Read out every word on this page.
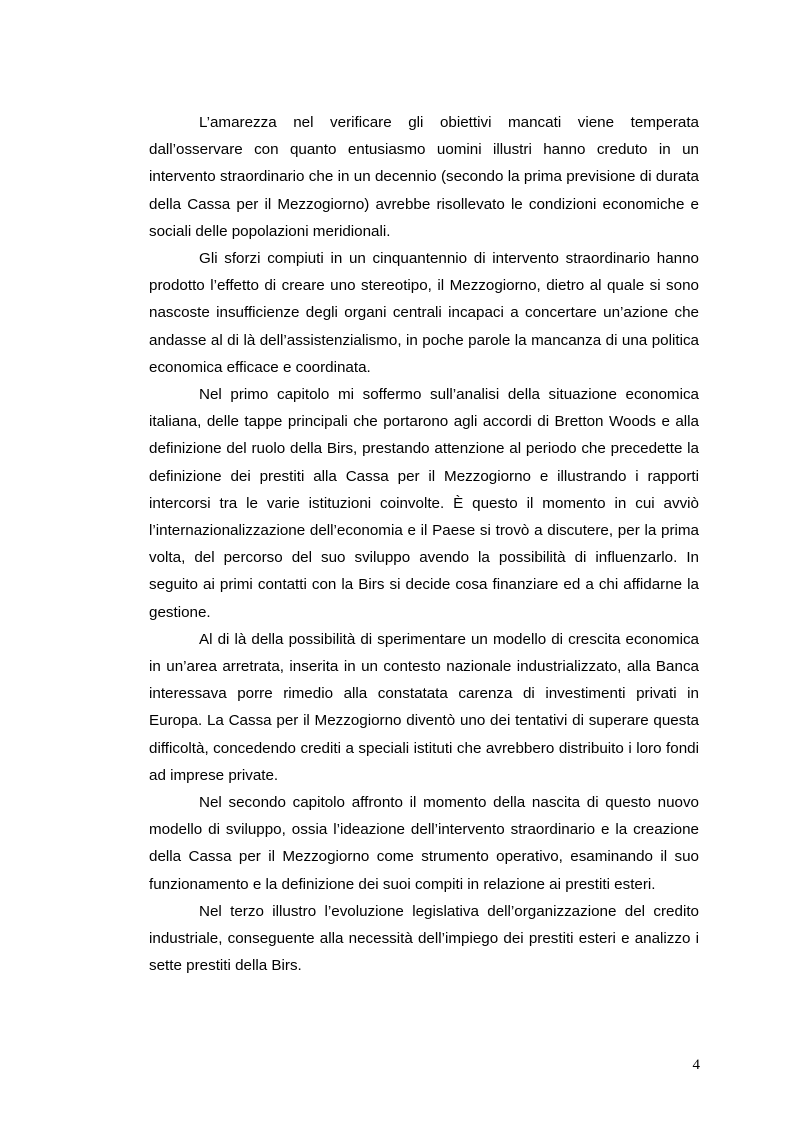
L’amarezza nel verificare gli obiettivi mancati viene temperata dall’osservare con quanto entusiasmo uomini illustri hanno creduto in un intervento straordinario che in un decennio (secondo la prima previsione di durata della Cassa per il Mezzogiorno) avrebbe risollevato le condizioni economiche e sociali delle popolazioni meridionali.

Gli sforzi compiuti in un cinquantennio di intervento straordinario hanno prodotto l’effetto di creare uno stereotipo, il Mezzogiorno, dietro al quale si sono nascoste insufficienze degli organi centrali incapaci a concertare un’azione che andasse al di là dell’assistenzialismo, in poche parole la mancanza di una politica economica efficace e coordinata.

Nel primo capitolo mi soffermo sull’analisi della situazione economica italiana, delle tappe principali che portarono agli accordi di Bretton Woods e alla definizione del ruolo della Birs, prestando attenzione al periodo che precedette la definizione dei prestiti alla Cassa per il Mezzogiorno e illustrando i rapporti intercorsi tra le varie istituzioni coinvolte. È questo il momento in cui avviò l’internazionalizzazione dell’economia e il Paese si trovò a discutere, per la prima volta, del percorso del suo sviluppo avendo la possibilità di influenzarlo. In seguito ai primi contatti con la Birs si decide cosa finanziare ed a chi affidarne la gestione.

Al di là della possibilità di sperimentare un modello di crescita economica in un’area arretrata, inserita in un contesto nazionale industrializzato, alla Banca interessava porre rimedio alla constatata carenza di investimenti privati in Europa. La Cassa per il Mezzogiorno diventò uno dei tentativi di superare questa difficoltà, concedendo crediti a speciali istituti che avrebbero distribuito i loro fondi ad imprese private.

Nel secondo capitolo affronto il momento della nascita di questo nuovo modello di sviluppo, ossia l’ideazione dell’intervento straordinario e la creazione della Cassa per il Mezzogiorno come strumento operativo, esaminando il suo funzionamento e la definizione dei suoi compiti in relazione ai prestiti esteri.

Nel terzo illustro l’evoluzione legislativa dell’organizzazione del credito industriale, conseguente alla necessità dell’impiego dei prestiti esteri e analizzo i sette prestiti della Birs.

4
